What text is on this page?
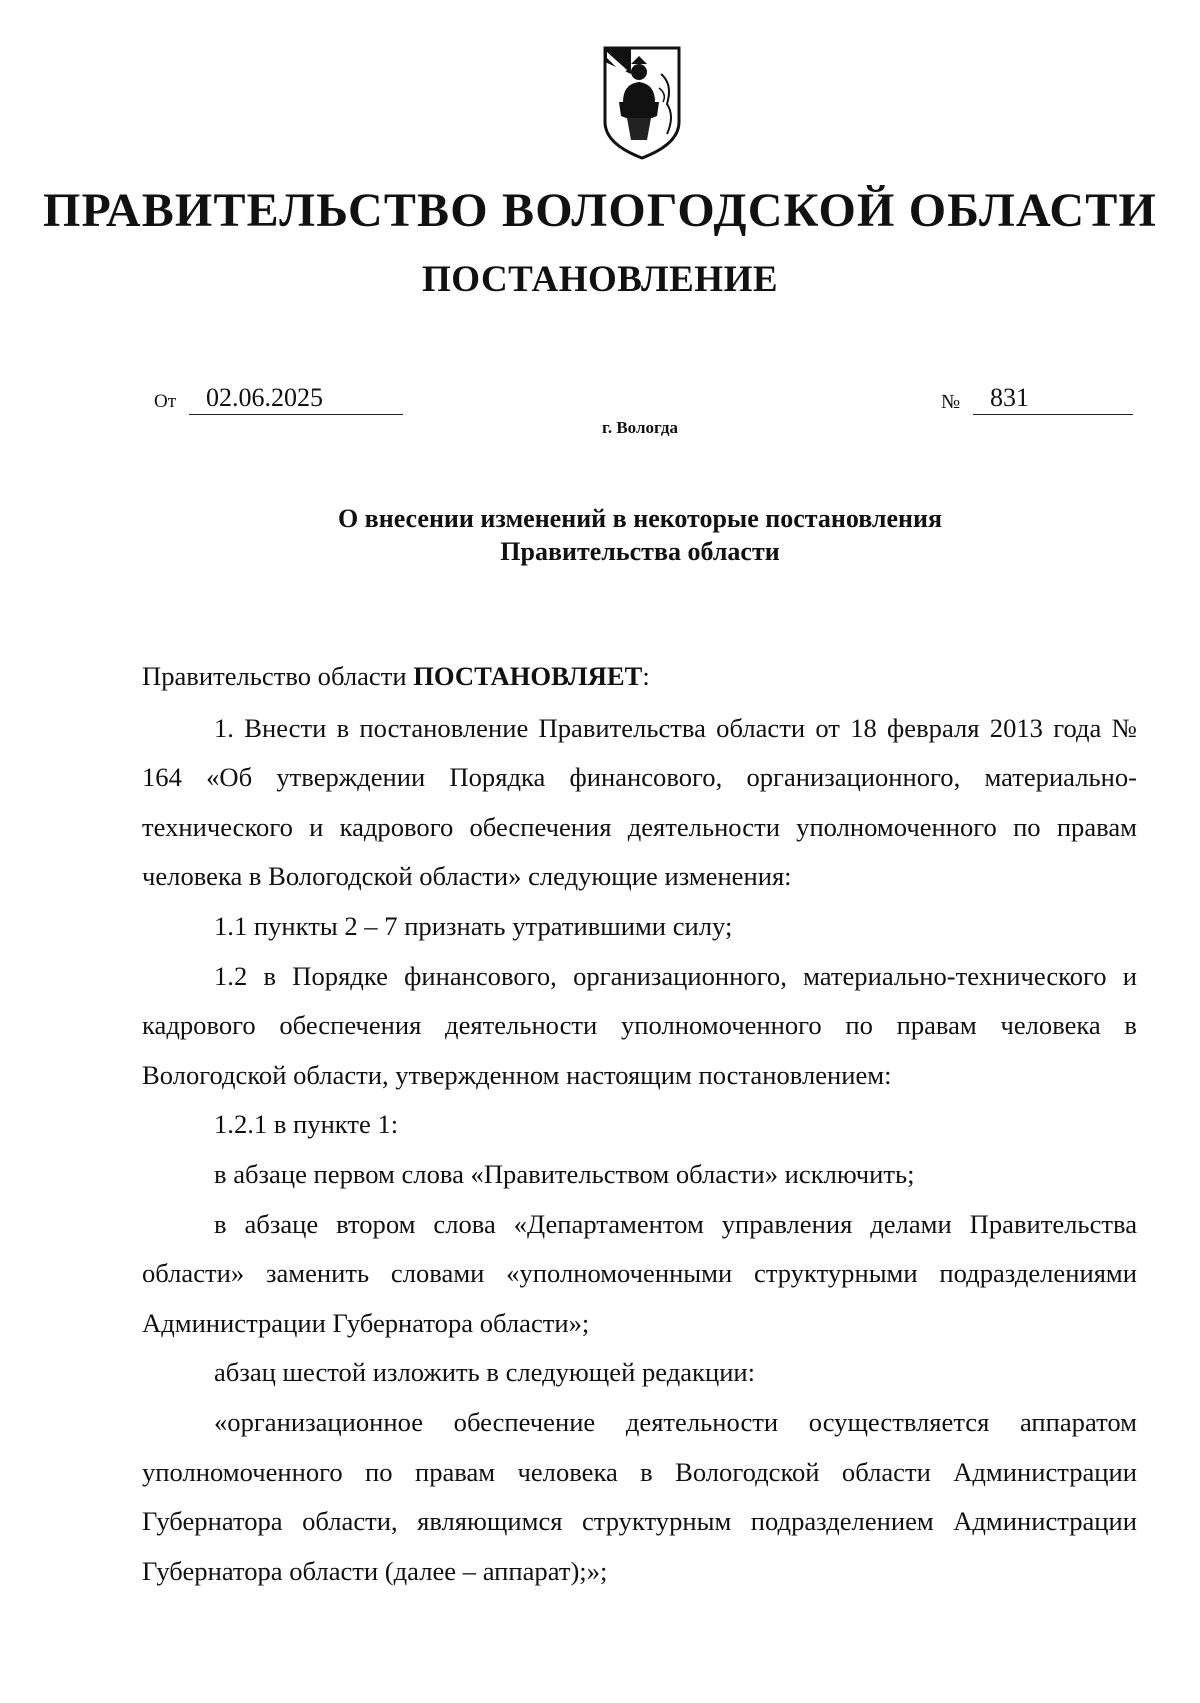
ПРАВИТЕЛЬСТВО ВОЛОГОДСКОЙ ОБЛАСТИ
ПОСТАНОВЛЕНИЕ
От 02.06.2025	№ 831
г. Вологда
О внесении изменений в некоторые постановления
Правительства области

Правительство области ПОСТАНОВЛЯЕТ:

1. Внести в постановление Правительства области от 18 февраля 2013 года № 164 «Об утверждении Порядка финансового, организационного, материально-технического и кадрового обеспечения деятельности уполномоченного по правам человека в Вологодской области» следующие изменения:

1.1 пункты 2 – 7 признать утратившими силу;

1.2 в Порядке финансового, организационного, материально-технического и кадрового обеспечения деятельности уполномоченного по правам человека в Вологодской области, утвержденном настоящим постановлением:

1.2.1 в пункте 1:

в абзаце первом слова «Правительством области» исключить;

в абзаце втором слова «Департаментом управления делами Правительства области» заменить словами «уполномоченными структурными подразделениями Администрации Губернатора области»;

абзац шестой изложить в следующей редакции:

«организационное обеспечение деятельности осуществляется аппаратом уполномоченного по правам человека в Вологодской области Администрации Губернатора области, являющимся структурным подразделением Администрации Губернатора области (далее – аппарат);»;
